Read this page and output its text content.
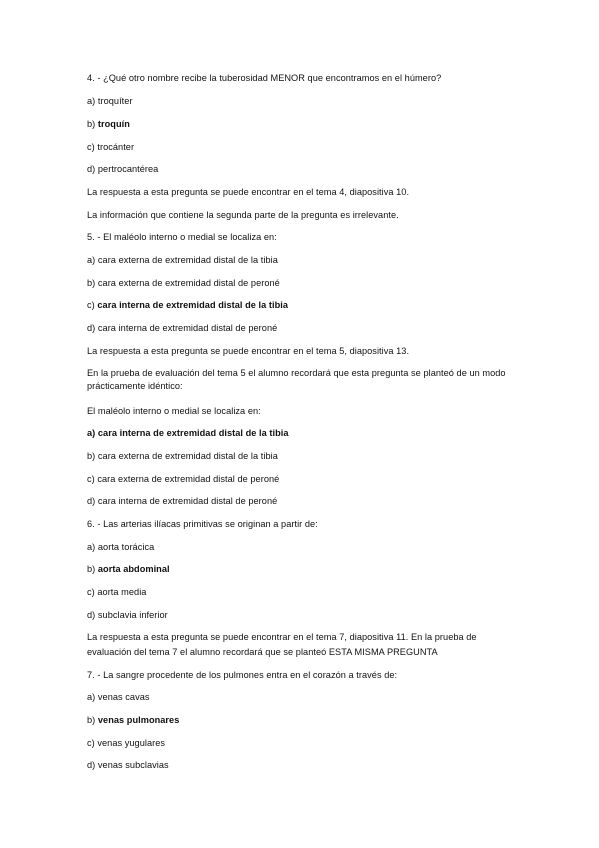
4. - ¿Qué otro nombre recibe la tuberosidad MENOR que encontramos en el húmero?
a) troquíter
b) troquín
c) trocánter
d) pertrocantérea
La respuesta a esta pregunta se puede encontrar en el tema 4, diapositiva 10.
La información que contiene la segunda parte de la pregunta es irrelevante.
5. - El maléolo interno o medial se localiza en:
a) cara externa de extremidad distal de la tibia
b) cara externa de extremidad distal de peroné
c) cara interna de extremidad distal de la tibia
d) cara interna de extremidad distal de peroné
La respuesta a esta pregunta se puede encontrar en el tema 5, diapositiva 13.
En la prueba de evaluación del tema 5 el alumno recordará que esta pregunta se planteó de un modo prácticamente idéntico:
El maléolo interno o medial se localiza en:
a) cara interna de extremidad distal de la tibia
b) cara externa de extremidad distal de la tibia
c) cara externa de extremidad distal de peroné
d) cara interna de extremidad distal de peroné
6. - Las arterias ilíacas primitivas se originan a partir de:
a) aorta torácica
b) aorta abdominal
c) aorta media
d) subclavia inferior
La respuesta a esta pregunta se puede encontrar en el tema 7, diapositiva 11. En la prueba de
evaluación del tema 7 el alumno recordará que se planteó ESTA MISMA PREGUNTA
7. - La sangre procedente de los pulmones entra en el corazón a través de:
a) venas cavas
b) venas pulmonares
c) venas yugulares
d) venas subclavias
